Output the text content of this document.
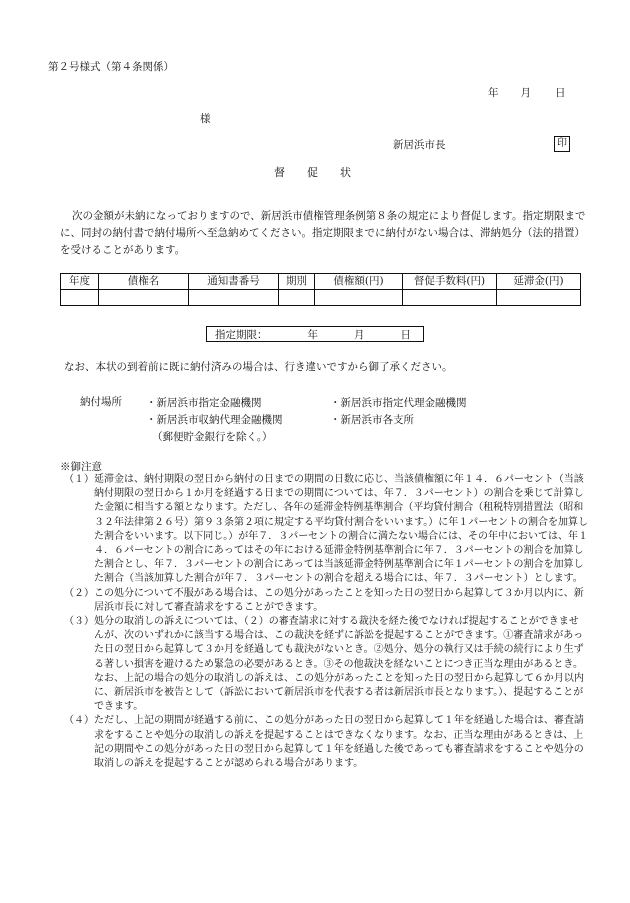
第２号様式（第４条関係）
年 月 日
様
新居浜市長	印
督促状
次の金額が未納になっておりますので、新居浜市債権管理条例第８条の規定により督促します。指定期限までに、同封の納付書で納付場所へ至急納めてください。指定期限までに納付がない場合は、滞納処分（法的措置）を受けることがあります。
年度	債権名	通知書番号	期別	債権額(円)	督促手数料(円)	延滞金(円)

指定期限：	年	月	日
なお、本状の到着前に既に納付済みの場合は、行き違いですから御了承ください。
納付場所 ・新居浜市指定金融機関
・新居浜市収納代理金融機関
（郵便貯金銀行を除く。）
・新居浜市指定代理金融機関
・新居浜市各支所
※御注意
（１） 延滞金は、納付期限の翌日から納付の日までの期間の日数に応じ、当該債権額に年１４．６パーセント（当該納付期限の翌日から１か月を経過する日までの期間については、年７．３パーセント）の割合を乗じて計算した金額に相当する額となります。ただし、各年の延滞金特例基準割合（平均貸付割合（租税特別措置法（昭和３２年法律第２６号）第９３条第２項に規定する平均貸付割合をいいます。）に年１パーセントの割合を加算した割合をいいます。以下同じ。）が年７．３パーセントの割合に満たない場合には、その年中においては、年１４．６パーセントの割合にあってはその年における延滞金特例基準割合に年７．３パーセントの割合を加算した割合とし、年７．３パーセントの割合にあっては当該延滞金特例基準割合に年１パーセントの割合を加算した割合（当該加算した割合が年７．３パーセントの割合を超える場合には、年７．３パーセント）とします。
（２） この処分について不服がある場合は、この処分があったことを知った日の翌日から起算して３か月以内に、新居浜市長に対して審査請求をすることができます。
（３） 処分の取消しの訴えについては、（２）の審査請求に対する裁決を経た後でなければ提起することができませんが、次のいずれかに該当する場合は、この裁決を経ずに訴訟を提起することができます。①審査請求があった日の翌日から起算して３か月を経過しても裁決がないとき。②処分、処分の執行又は手続の続行により生ずる著しい損害を避けるため緊急の必要があるとき。③その他裁決を経ないことにつき正当な理由があるとき。なお、上記の場合の処分の取消しの訴えは、この処分があったことを知った日の翌日から起算して６か月以内に、新居浜市を被告として（訴訟において新居浜市を代表する者は新居浜市長となります。）、提起することができます。
（４） ただし、上記の期間が経過する前に、この処分があった日の翌日から起算して１年を経過した場合は、審査請求をすることや処分の取消しの訴えを提起することはできなくなります。なお、正当な理由があるときは、上記の期間やこの処分があった日の翌日から起算して１年を経過した後であっても審査請求をすることや処分の取消しの訴えを提起することが認められる場合があります。
